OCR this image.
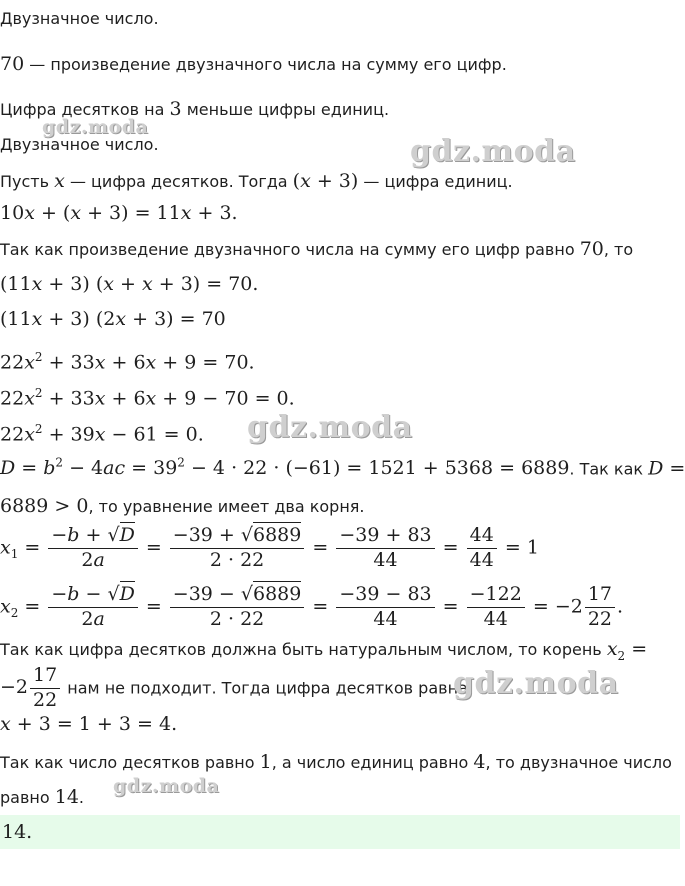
Двузначное число.
70 — произведение двузначного числа на сумму его цифр.
Цифра десятков на 3 меньше цифры единиц.
gdz.moda
Двузначное число.	gdz.moda
Пусть x — цифра десятков. Тогда (x + 3) — цифра единиц.
10x + (x + 3) = 11x + 3.
Так как произведение двузначного числа на сумму его цифр равно 70, то
(11x + 3) (x + x + 3) = 70.
(11x + 3) (2x + 3) = 70
$22x^2 + 33x + 6x + 9 = 70$.
$22x^2 + 33x + 6x + 9 - 70 = 0$.
$22x^2 + 39x - 61 = 0$. gdz.moda
$D = b^2 - 4ac = 39^2 - 4 \cdot 22 \cdot (-61) = 1521 + 5368 = 6889$. Так как D =
6889 > 0, то уравнение имеет два корня.
$x_1 = \frac{-b + √D}{2a} = \frac{-39 + √6889}{2 \cdot 22} = \frac{-39 + 83}{44} = \frac{44}{44} = 1$
$x_2 = \frac{-b - √D}{2a} = \frac{-39 - √6889}{2 \cdot 22} = \frac{-39 - 83}{44} = \frac{-122}{44} = -2 \frac{17}{22}$ .
Так как цифра десятков должна быть натуральным числом, то корень $x_2$ =
$-2 \frac{17}{22}$ нам не подходит. Тогда цифра десятков равна
gdz.moda
x + 3 = 1 + 3 = 4.
Так как число десятков равно 1, а число единиц равно 4, то двузначное число
равно 14.
gdz.moda
14.
